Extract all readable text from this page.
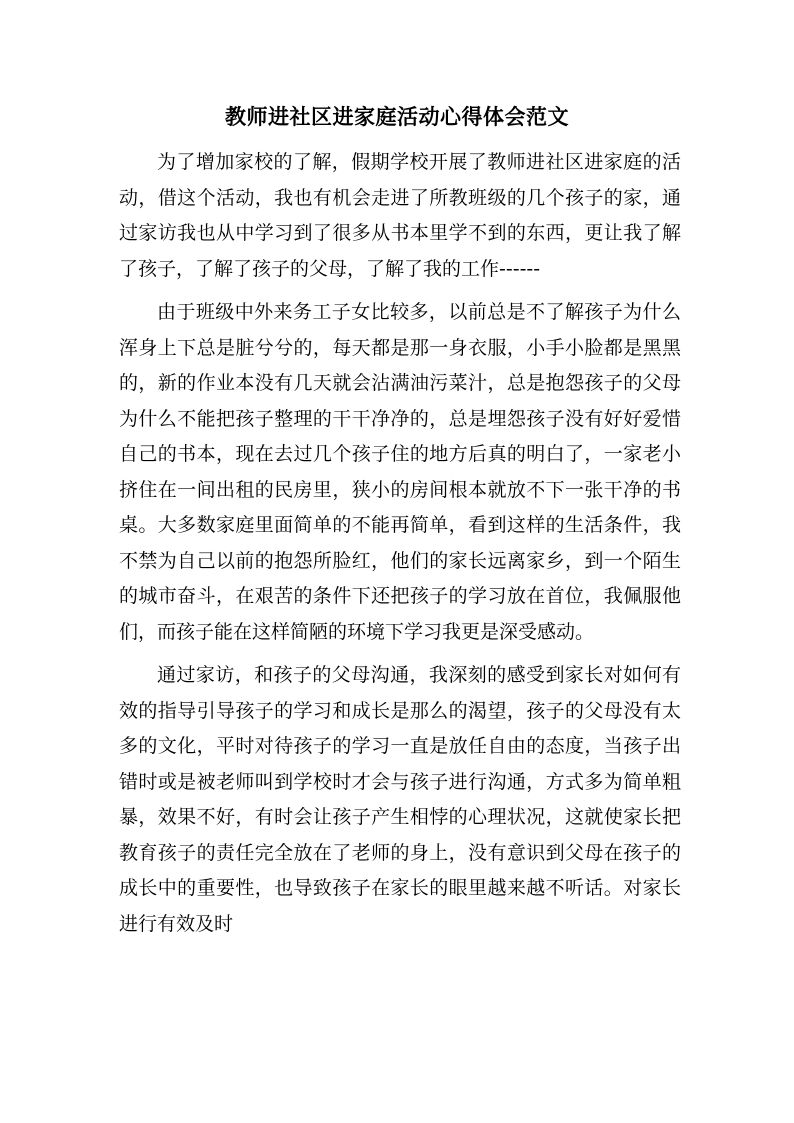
教师进社区进家庭活动心得体会范文

为了增加家校的了解，假期学校开展了教师进社区进家庭的活动，借这个活动，我也有机会走进了所教班级的几个孩子的家，通过家访我也从中学习到了很多从书本里学不到的东西，更让我了解了孩子，了解了孩子的父母，了解了我的工作------

由于班级中外来务工子女比较多，以前总是不了解孩子为什么浑身上下总是脏兮兮的，每天都是那一身衣服，小手小脸都是黑黑的，新的作业本没有几天就会沾满油污菜汁，总是抱怨孩子的父母为什么不能把孩子整理的干干净净的，总是埋怨孩子没有好好爱惜自己的书本，现在去过几个孩子住的地方后真的明白了，一家老小挤住在一间出租的民房里，狭小的房间根本就放不下一张干净的书桌。大多数家庭里面简单的不能再简单，看到这样的生活条件，我不禁为自己以前的抱怨所脸红，他们的家长远离家乡，到一个陌生的城市奋斗，在艰苦的条件下还把孩子的学习放在首位，我佩服他们，而孩子能在这样简陋的环境下学习我更是深受感动。

通过家访，和孩子的父母沟通，我深刻的感受到家长对如何有效的指导引导孩子的学习和成长是那么的渴望，孩子的父母没有太多的文化，平时对待孩子的学习一直是放任自由的态度，当孩子出错时或是被老师叫到学校时才会与孩子进行沟通，方式多为简单粗暴，效果不好，有时会让孩子产生相悖的心理状况，这就使家长把教育孩子的责任完全放在了老师的身上，没有意识到父母在孩子的成长中的重要性，也导致孩子在家长的眼里越来越不听话。对家长进行有效及时
